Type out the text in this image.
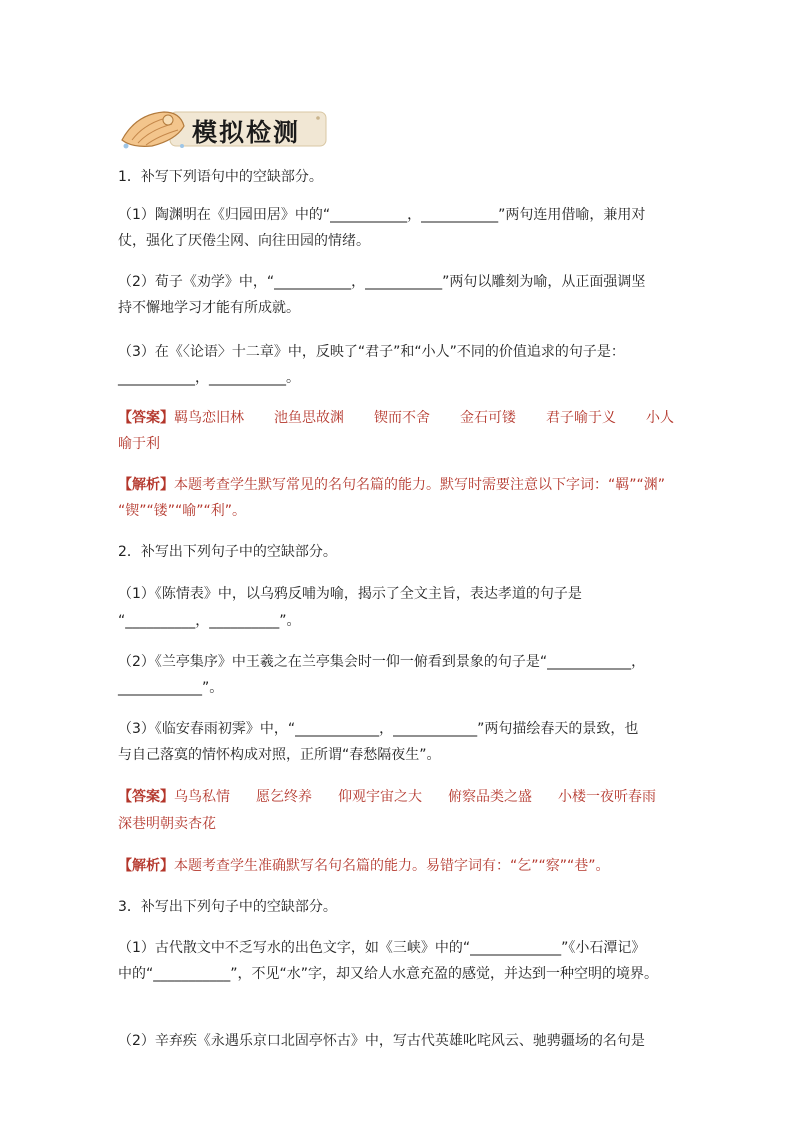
模拟检测
1．补写下列语句中的空缺部分。
（1）陶渊明在《归园田居》中的“___________，___________”两句连用借喻，兼用对
仗，强化了厌倦尘网、向往田园的情绪。
（2）荀子《劝学》中，“___________，___________”两句以雕刻为喻，从正面强调坚
持不懈地学习才能有所成就。
（3）在《〈论语〉十二章》中，反映了“君子”和“小人”不同的价值追求的句子是：
___________，___________。
【答案】羁鸟恋旧林 池鱼思故渊 锲而不舍 金石可镂 君子喻于义 小人
喻于利
【解析】本题考查学生默写常见的名句名篇的能力。默写时需要注意以下字词：“羁”“渊”
“锲”“镂”“喻”“利”。
2．补写出下列句子中的空缺部分。
（1）《陈情表》中，以乌鸦反哺为喻，揭示了全文主旨，表达孝道的句子是
“__________，__________”。
（2）《兰亭集序》中王羲之在兰亭集会时一仰一俯看到景象的句子是“____________，
____________”。
（3）《临安春雨初霁》中，“____________，____________”两句描绘春天的景致，也
与自己落寞的情怀构成对照，正所谓“春愁隔夜生”。
【答案】乌鸟私情 愿乞终养 仰观宇宙之大 俯察品类之盛 小楼一夜听春雨
深巷明朝卖杏花
【解析】本题考查学生准确默写名句名篇的能力。易错字词有：“乞”“察”“巷”。
3．补写出下列句子中的空缺部分。
（1）古代散文中不乏写水的出色文字，如《三峡》中的“_____________”《小石潭记》
中的“___________”，不见“水”字，却又给人水意充盈的感觉，并达到一种空明的境界。
（2）辛弃疾《永遇乐京口北固亭怀古》中，写古代英雄叱咤风云、驰骋疆场的名句是
